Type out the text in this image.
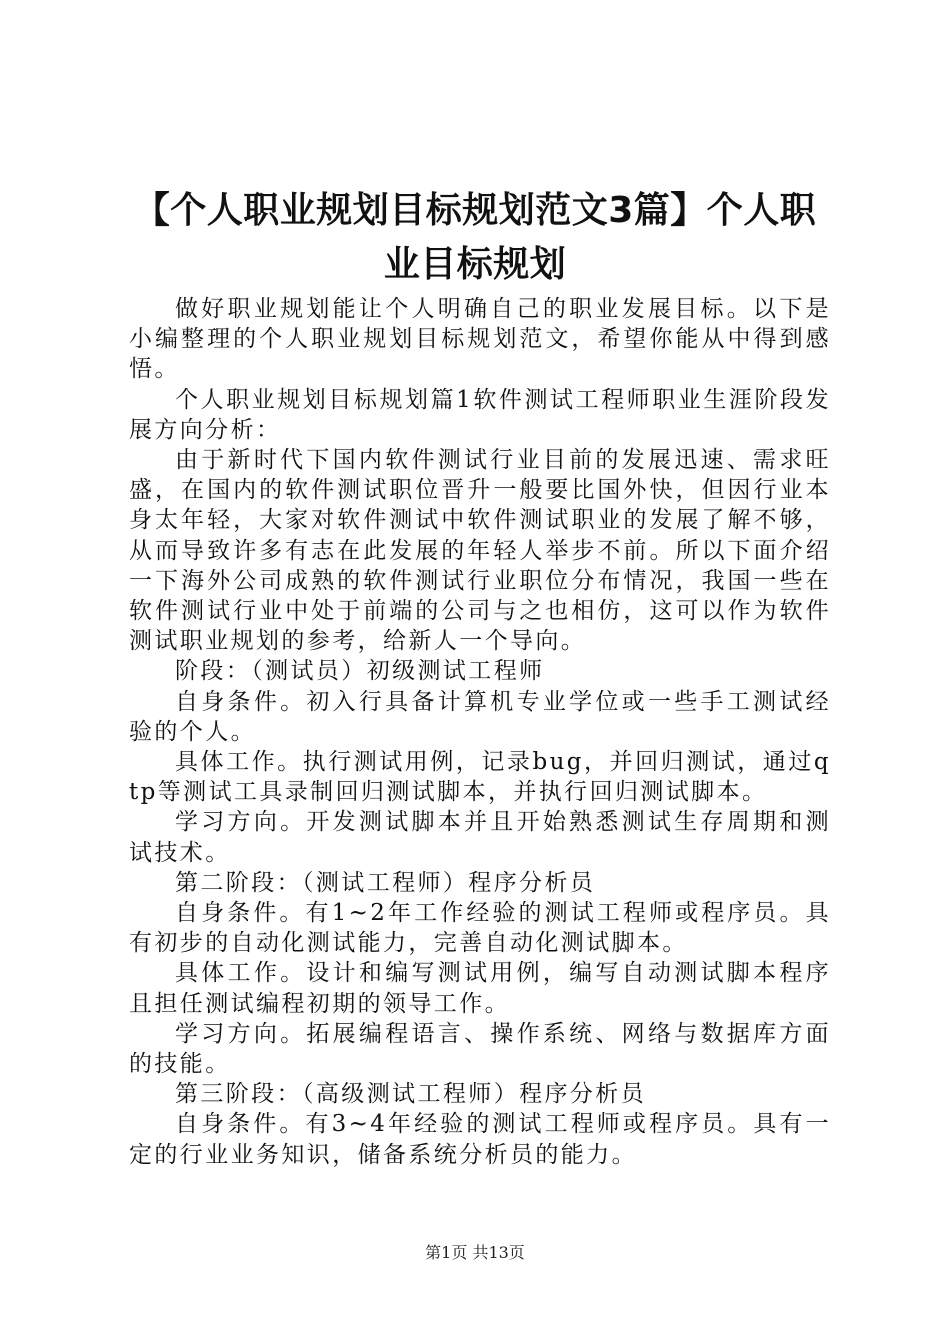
【个人职业规划目标规划范文3篇】个人职业目标规划

做好职业规划能让个人明确自己的职业发展目标。以下是小编整理的个人职业规划目标规划范文，希望你能从中得到感悟。

个人职业规划目标规划篇1软件测试工程师职业生涯阶段发展方向分析：

由于新时代下国内软件测试行业目前的发展迅速、需求旺盛，在国内的软件测试职位晋升一般要比国外快，但因行业本身太年轻，大家对软件测试中软件测试职业的发展了解不够，从而导致许多有志在此发展的年轻人举步不前。所以下面介绍一下海外公司成熟的软件测试行业职位分布情况，我国一些在软件测试行业中处于前端的公司与之也相仿，这可以作为软件测试职业规划的参考，给新人一个导向。

阶段：（测试员）初级测试工程师

自身条件。初入行具备计算机专业学位或一些手工测试经验的个人。

具体工作。执行测试用例，记录bug，并回归测试，通过qtp等测试工具录制回归测试脚本，并执行回归测试脚本。

学习方向。开发测试脚本并且开始熟悉测试生存周期和测试技术。

第二阶段：（测试工程师）程序分析员

自身条件。有1~2年工作经验的测试工程师或程序员。具有初步的自动化测试能力，完善自动化测试脚本。

具体工作。设计和编写测试用例，编写自动测试脚本程序且担任测试编程初期的领导工作。

学习方向。拓展编程语言、操作系统、网络与数据库方面的技能。

第三阶段：（高级测试工程师）程序分析员

自身条件。有3~4年经验的测试工程师或程序员。具有一定的行业业务知识，储备系统分析员的能力。

第1页 共13页
